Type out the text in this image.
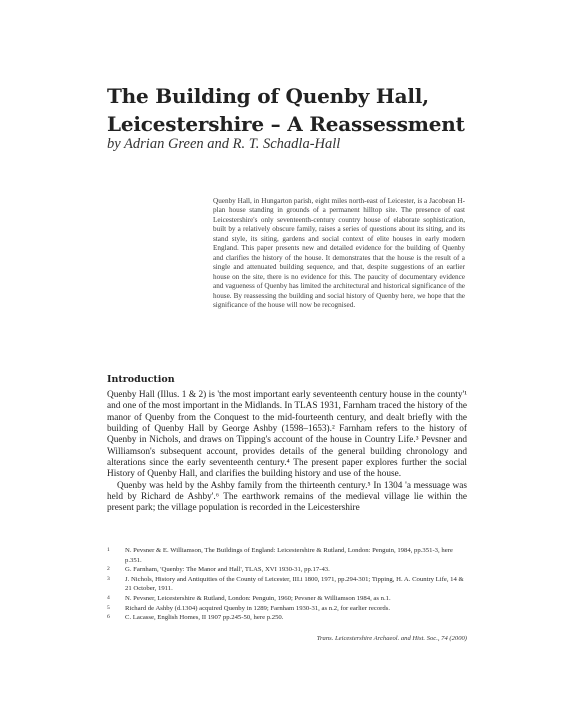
The Building of Quenby Hall,
Leicestershire – A Reassessment
by Adrian Green and R. T. Schadla-Hall
Quenby Hall, in Hungarton parish, eight miles north-east of Leicester, is a Jacobean H-plan house standing in grounds of a permanent hilltop site. The presence of east Leicestershire's only seventeenth-century country house of elaborate sophistication, built by a relatively obscure family, raises a series of questions about its siting, and its stand style, its siting, gardens and social context of elite houses in early modern England. This paper presents new and detailed evidence for the building of Quenby and clarifies the history of the house. It demonstrates that the house is the result of a single and attenuated building sequence, and that, despite suggestions of an earlier house on the site, there is no evidence for this. The paucity of documentary evidence and vagueness of Quenby has limited the architectural and historical significance of the house. By reassessing the building and social history of Quenby here, we hope that the significance of the house will now be recognised.
Introduction

Quenby Hall (Illus. 1 & 2) is 'the most important early seventeenth century house in the county'¹ and one of the most important in the Midlands. In TLAS 1931, Farnham traced the history of the manor of Quenby from the Conquest to the mid-fourteenth century, and dealt briefly with the building of Quenby Hall by George Ashby (1598–1653).² Farnham refers to the history of Quenby in Nichols, and draws on Tipping's account of the house in Country Life.³ Pevsner and Williamson's subsequent account, provides details of the general building chronology and alterations since the early seventeenth century.⁴ The present paper explores further the social History of Quenby Hall, and clarifies the building history and use of the house.

Quenby was held by the Ashby family from the thirteenth century.⁵ In 1304 'a messuage was held by Richard de Ashby'.⁶ The earthwork remains of the medieval village lie within the present park; the village population is recorded in the Leicestershire

1	N. Pevsner & E. Williamson, The Buildings of England: Leicestershire & Rutland, London: Penguin, 1984, pp.351-3, here p.351.
2	G. Farnham, 'Quenby: The Manor and Hall', TLAS, XVI 1930-31, pp.17-43.
3	J. Nichols, History and Antiquities of the County of Leicester, III.i 1800, 1971, pp.294-301; Tipping, H. A. Country Life, 14 & 21 October, 1911.
4	N. Pevsner, Leicestershire & Rutland, London: Penguin, 1960; Pevsner & Williamson 1984, as n.1.
5	Richard de Ashby (d.1304) acquired Quenby in 1289; Farnham 1930-31, as n.2, for earlier records.
6	C. Lacasse, English Homes, II 1907 pp.245-50, here p.250.
Trans. Leicestershire Archaeol. and Hist. Soc., 74 (2000)
